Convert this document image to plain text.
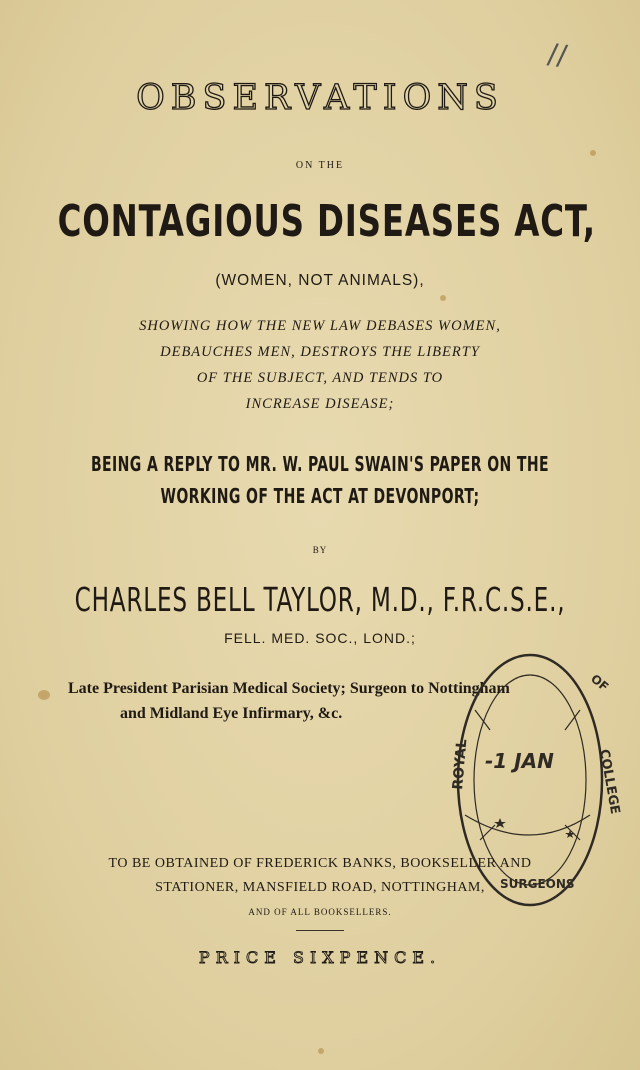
//
OBSERVATIONS
ON THE
CONTAGIOUS DISEASES ACT,
(WOMEN, NOT ANIMALS),
SHOWING HOW THE NEW LAW DEBASES WOMEN,
DEBAUCHES MEN, DESTROYS THE LIBERTY
OF THE SUBJECT, AND TENDS TO
INCREASE DISEASE;
BEING A REPLY TO MR. W. PAUL SWAIN'S PAPER ON THE
WORKING OF THE ACT AT DEVONPORT;
BY
CHARLES BELL TAYLOR, M.D., F.R.C.S.E.,
FELL. MED. SOC., LOND.;
Late President Parisian Medical Society; Surgeon to Nottingham
and Midland Eye Infirmary, &c.
ROYAL	COLLEGE
OF
SURGEONS
-1 JAN
TO BE OBTAINED OF FREDERICK BANKS, BOOKSELLER AND
STATIONER, MANSFIELD ROAD, NOTTINGHAM,
AND OF ALL BOOKSELLERS.
PRICE SIXPENCE.
